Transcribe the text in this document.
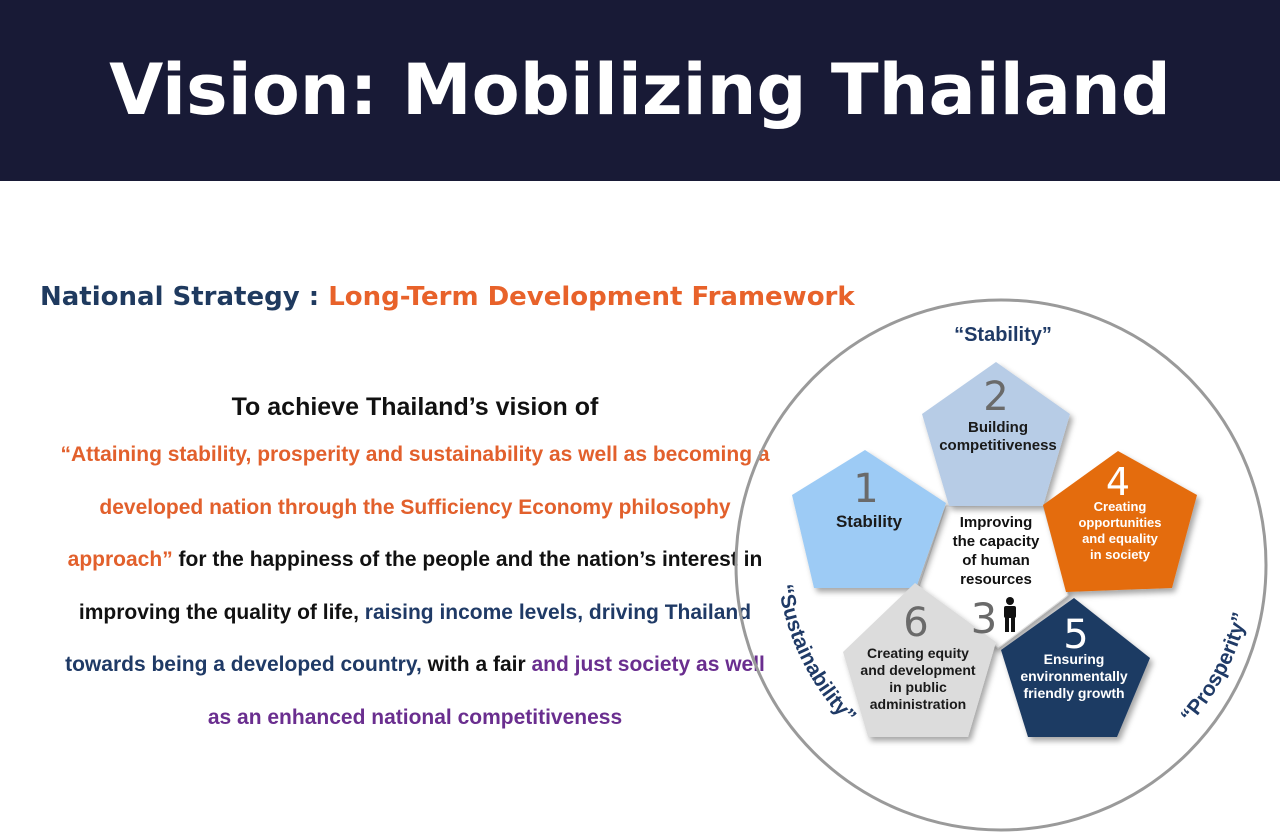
Vision: Mobilizing Thailand
National Strategy : Long-Term Development Framework
To achieve Thailand’s vision of
“Attaining stability, prosperity and sustainability as well as becoming a developed nation through the Sufficiency Economy philosophy approach” for the happiness of the people and the nation’s interest in improving the quality of life, raising income levels, driving Thailand towards being a developed country, with a fair and just society as well as an enhanced national competitiveness
“Stability”
“Sustainability”	“Prosperity”
1
Stability
2
Building
competitiveness
4
Creating
opportunities
and equality
in society
5
Ensuring
environmentally
friendly growth
6
Creating equity
and development
in public
administration
Improving
the capacity
of human
resources
3
